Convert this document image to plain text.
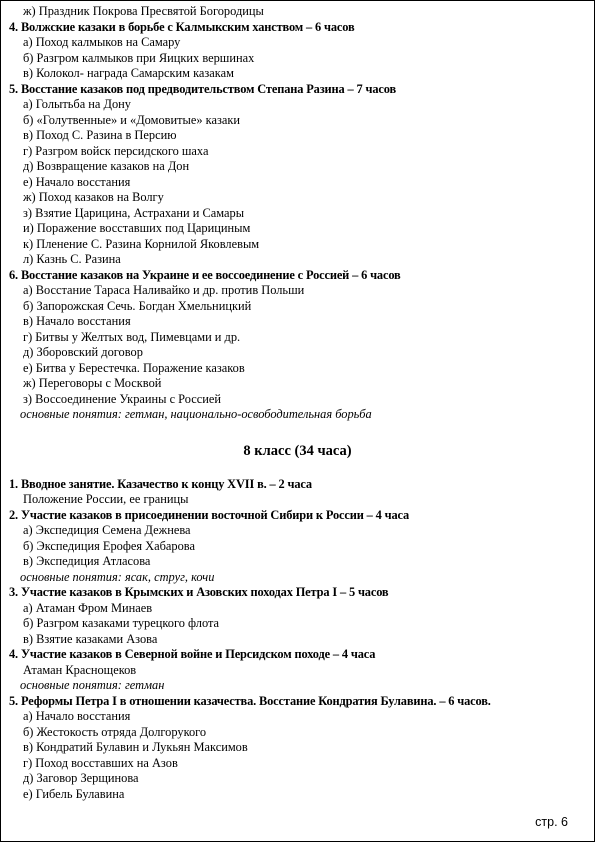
ж) Праздник Покрова Пресвятой Богородицы
4. Волжские казаки в борьбе с Калмыкским ханством – 6 часов
а) Поход калмыков на Самару
б) Разгром калмыков при Яицких вершинах
в) Колокол- награда Самарским казакам
5. Восстание казаков под предводительством Степана Разина – 7 часов
а) Голытьба на Дону
б) «Голутвенные» и «Домовитые» казаки
в) Поход С. Разина в Персию
г) Разгром войск персидского шаха
д) Возвращение казаков на Дон
е) Начало восстания
ж) Поход казаков на Волгу
з) Взятие Царицина, Астрахани и Самары
и) Поражение восставших под Царициным
к) Пленение С. Разина Корнилой Яковлевым
л) Казнь С. Разина
6. Восстание казаков на Украине и ее воссоединение с Россией – 6 часов
а) Восстание Тараса Наливайко и др. против Польши
б) Запорожская Сечь. Богдан Хмельницкий
в) Начало восстания
г) Битвы у Желтых вод, Пимевцами и др.
д) Зборовский договор
е) Битва у Берестечка. Поражение казаков
ж) Переговоры с Москвой
з) Воссоединение Украины с Россией
основные понятия: гетман, национально-освободительная борьба
8 класс (34 часа)
1. Вводное занятие. Казачество к концу XVII в. – 2 часа
Положение России, ее границы
2. Участие казаков в присоединении восточной Сибири к России – 4 часа
а) Экспедиция Семена Дежнева
б) Экспедиция Ерофея Хабарова
в) Экспедиция Атласова
основные понятия: ясак, струг, кочи
3. Участие казаков в Крымских и Азовских походах Петра I – 5 часов
а) Атаман Фром Минаев
б) Разгром казаками турецкого флота
в) Взятие казаками Азова
4. Участие казаков в Северной войне и Персидском походе – 4 часа
Атаман Краснощеков
основные понятия: гетман
5. Реформы Петра I в отношении казачества. Восстание Кондратия Булавина. – 6 часов.
а) Начало восстания
б) Жестокость отряда Долгорукого
в) Кондратий Булавин и Лукьян Максимов
г) Поход восставших на Азов
д) Заговор Зерщинова
е) Гибель Булавина
стр. 6
